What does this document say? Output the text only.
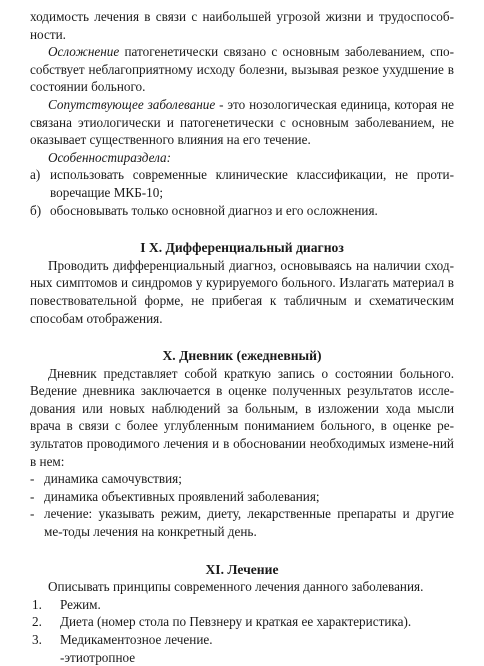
ходимость лечения в связи с наибольшей угрозой жизни и трудоспособ-ности.

Осложнение патогенетически связано с основным заболеванием, спо-собствует неблагоприятному исходу болезни, вызывая резкое ухудшение в состоянии больного.

Сопутствующее заболевание - это нозологическая единица, которая не связана этиологически и патогенетически с основным заболеванием, не оказывает существенного влияния на его течение.

Особенностираздела:

а) использовать современные клинические классификации, не проти-воречащие МКБ-10;
б) обосновывать только основной диагноз и его осложнения.
I X. Дифференциальный диагноз

Проводить дифференциальный диагноз, основываясь на наличии сход-ных симптомов и синдромов у курируемого больного. Излагать материал в повествовательной форме, не прибегая к табличным и схематическим способам отображения.

X. Дневник (ежедневный)

Дневник представляет собой краткую запись о состоянии больного. Ведение дневника заключается в оценке полученных результатов иссле-дования или новых наблюдений за больным, в изложении хода мысли врача в связи с более углубленным пониманием больного, в оценке ре-зультатов проводимого лечения и в обосновании необходимых измене-ний в нем:

- динамика самочувствия;
- динамика объективных проявлений заболевания;
- лечение: указывать режим, диету, лекарственные препараты и другие ме-тоды лечения на конкретный день.
XI. Лечение

Описывать принципы современного лечения данного заболевания.

1.	Режим.
2.	Диета (номер стола по Певзнеру и краткая ее характеристика).
3.	Медикаментозное лечение.

-этиотропное
